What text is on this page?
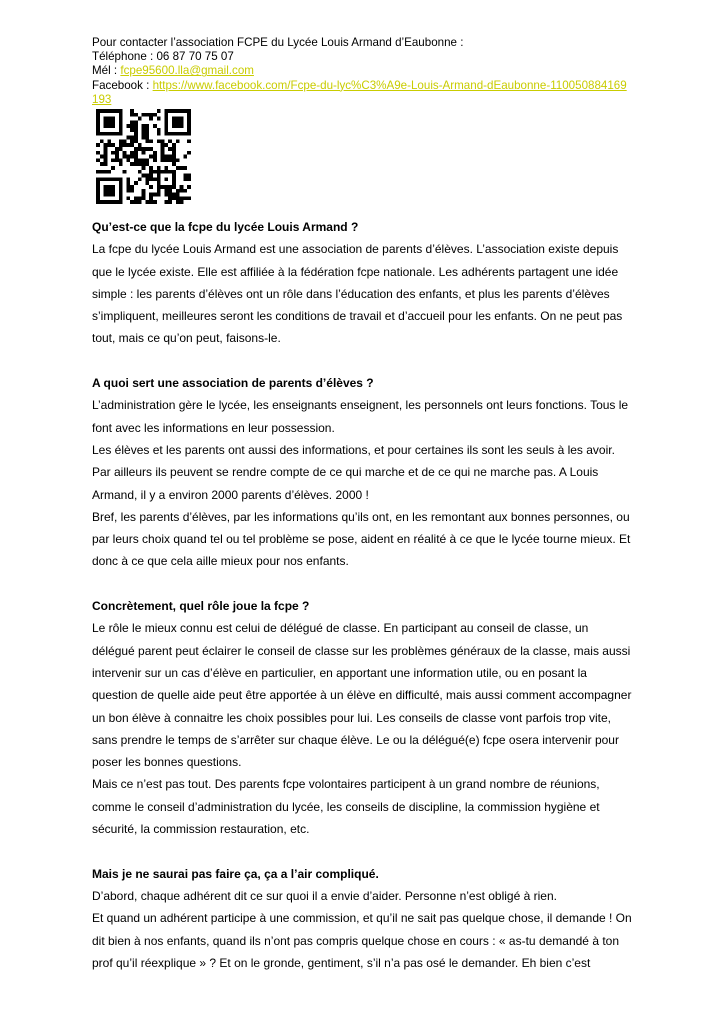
Pour contacter l’association FCPE du Lycée Louis Armand d’Eaubonne :
Téléphone : 06 87 70 75 07
Mél : fcpe95600.lla@gmail.com
Facebook : https://www.facebook.com/Fcpe-du-lyc%C3%A9e-Louis-Armand-dEaubonne-110050884169193
Qu’est-ce que la fcpe du lycée Louis Armand ?

La fcpe du lycée Louis Armand est une association de parents d’élèves. L’association existe depuis que le lycée existe. Elle est affiliée à la fédération fcpe nationale. Les adhérents partagent une idée simple : les parents d’élèves ont un rôle dans l’éducation des enfants, et plus les parents d’élèves s’impliquent, meilleures seront les conditions de travail et d’accueil pour les enfants. On ne peut pas tout, mais ce qu’on peut, faisons-le.

A quoi sert une association de parents d’élèves ?

L’administration gère le lycée, les enseignants enseignent, les personnels ont leurs fonctions. Tous le font avec les informations en leur possession.

Les élèves et les parents ont aussi des informations, et pour certaines ils sont les seuls à les avoir. Par ailleurs ils peuvent se rendre compte de ce qui marche et de ce qui ne marche pas. A Louis Armand, il y a environ 2000 parents d’élèves. 2000 !

Bref, les parents d’élèves, par les informations qu’ils ont, en les remontant aux bonnes personnes, ou par leurs choix quand tel ou tel problème se pose, aident en réalité à ce que le lycée tourne mieux. Et donc à ce que cela aille mieux pour nos enfants.

Concrètement, quel rôle joue la fcpe ?

Le rôle le mieux connu est celui de délégué de classe. En participant au conseil de classe, un délégué parent peut éclairer le conseil de classe sur les problèmes généraux de la classe, mais aussi intervenir sur un cas d’élève en particulier, en apportant une information utile, ou en posant la question de quelle aide peut être apportée à un élève en difficulté, mais aussi comment accompagner un bon élève à connaitre les choix possibles pour lui. Les conseils de classe vont parfois trop vite, sans prendre le temps de s’arrêter sur chaque élève. Le ou la délégué(e) fcpe osera intervenir pour poser les bonnes questions.

Mais ce n’est pas tout. Des parents fcpe volontaires participent à un grand nombre de réunions, comme le conseil d’administration du lycée, les conseils de discipline, la commission hygiène et sécurité, la commission restauration, etc.

Mais je ne saurai pas faire ça, ça a l’air compliqué.

D’abord, chaque adhérent dit ce sur quoi il a envie d’aider. Personne n’est obligé à rien.

Et quand un adhérent participe à une commission, et qu’il ne sait pas quelque chose, il demande ! On dit bien à nos enfants, quand ils n’ont pas compris quelque chose en cours : « as-tu demandé à ton prof qu’il réexplique » ? Et on le gronde, gentiment, s’il n’a pas osé le demander. Eh bien c’est
